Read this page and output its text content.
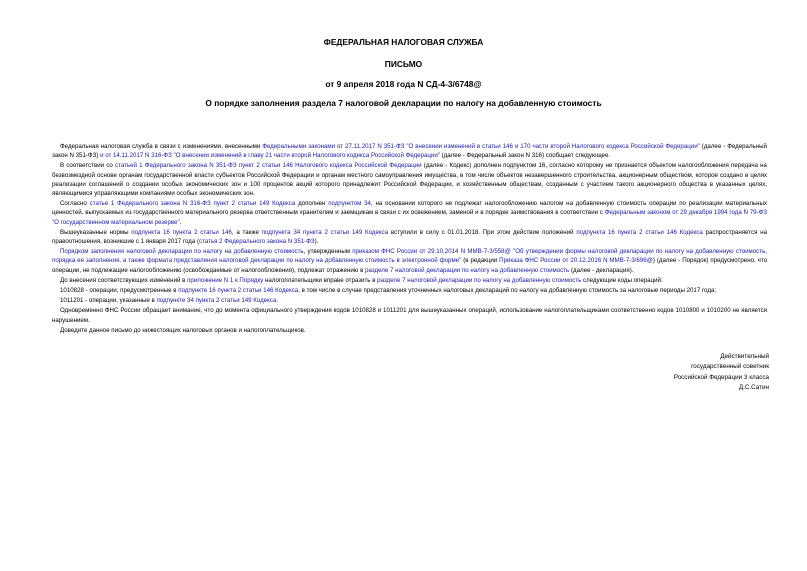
ФЕДЕРАЛЬНАЯ НАЛОГОВАЯ СЛУЖБА
ПИСЬМО
от 9 апреля 2018 года N СД-4-3/6748@
О порядке заполнения раздела 7 налоговой декларации по налогу на добавленную стоимость

Федеральная налоговая служба в связи с изменениями, внесенными Федеральными законами от 27.11.2017 N 351-ФЗ "О внесении изменений в статьи 146 и 170 части второй Налогового кодекса Российской Федерации" (далее - Федеральный закон N 351-ФЗ) и от 14.11.2017 N 316-ФЗ "О внесении изменений в главу 21 части второй Налогового кодекса Российской Федерации" (далее - Федеральный закон N 316) сообщает следующее.

В соответствии со статьей 1 Федерального закона N 351-ФЗ пункт 2 статьи 146 Налогового кодекса Российской Федерации (далее - Кодекс) дополнен подпунктом 16, согласно которому не признается объектом налогообложения передача на безвозмездной основе органам государственной власти субъектов Российской Федерации и органам местного самоуправления имущества, в том числе объектов незавершенного строительства, акционерным обществом, которое создано в целях реализации соглашений о создании особых экономических зон и 100 процентов акций которого принадлежит Российской Федерации, и хозяйственным обществам, созданным с участием такого акционерного общества в указанных целях, являющимися управляющими компаниями особых экономических зон.

Согласно статье 1 Федерального закона N 316-ФЗ пункт 2 статьи 149 Кодекса дополнен подпунктом 34, на основании которого не подлежат налогообложению налогом на добавленную стоимость операции по реализации материальных ценностей, выпускаемых из государственного материального резерва ответственным хранителям и заемщикам в связи с их освежением, заменой и в порядке заимствования в соответствии с Федеральным законом от 29 декабря 1994 года N 79-ФЗ "О государственном материальном резерве".

Вышеуказанные нормы подпункта 16 пункта 2 статьи 146, а также подпункта 34 пункта 2 статьи 149 Кодекса вступили в силу с 01.01.2018. При этом действие положений подпункта 16 пункта 2 статьи 146 Кодекса распространяется на правоотношения, возникшие с 1 января 2017 года (статья 2 Федерального закона N 351-ФЗ).

Порядком заполнения налоговой декларации по налогу на добавленную стоимость, утвержденным приказом ФНС России от 29.10.2014 N ММВ-7-3/558@ "Об утверждении формы налоговой декларации по налогу на добавленную стоимость, порядка ее заполнения, а также формата представления налоговой декларации по налогу на добавленную стоимость в электронной форме" (в редакции Приказа ФНС России от 20.12.2016 N ММВ-7-3/696@) (далее - Порядок) предусмотрено, что операции, не подлежащие налогообложению (освобождаемые от налогообложения), подлежат отражению в разделе 7 налоговой декларации по налогу на добавленную стоимость (далее - декларация).

До внесения соответствующих изменений в приложение N 1 к Порядку налогоплательщики вправе отразить в разделе 7 налоговой декларации по налогу на добавленную стоимость следующие коды операций:

1010828 - операции, предусмотренные в подпункте 16 пункта 2 статьи 146 Кодекса, в том числе в случае представления уточненных налоговых деклараций по налогу на добавленную стоимость за налоговые периоды 2017 года;

1011201 - операции, указанные в подпункте 34 пункта 2 статьи 149 Кодекса.

Одновременно ФНС России обращает внимание, что до момента официального утверждения кодов 1010828 и 1011201 для вышеуказанных операций, использование налогоплательщиками соответственно кодов 1010800 и 1010200 не является нарушением.

Доведите данное письмо до нижестоящих налоговых органов и налогоплательщиков.

Действительный
государственный советник
Российской Федерации 3 класса
Д.С.Сатин
